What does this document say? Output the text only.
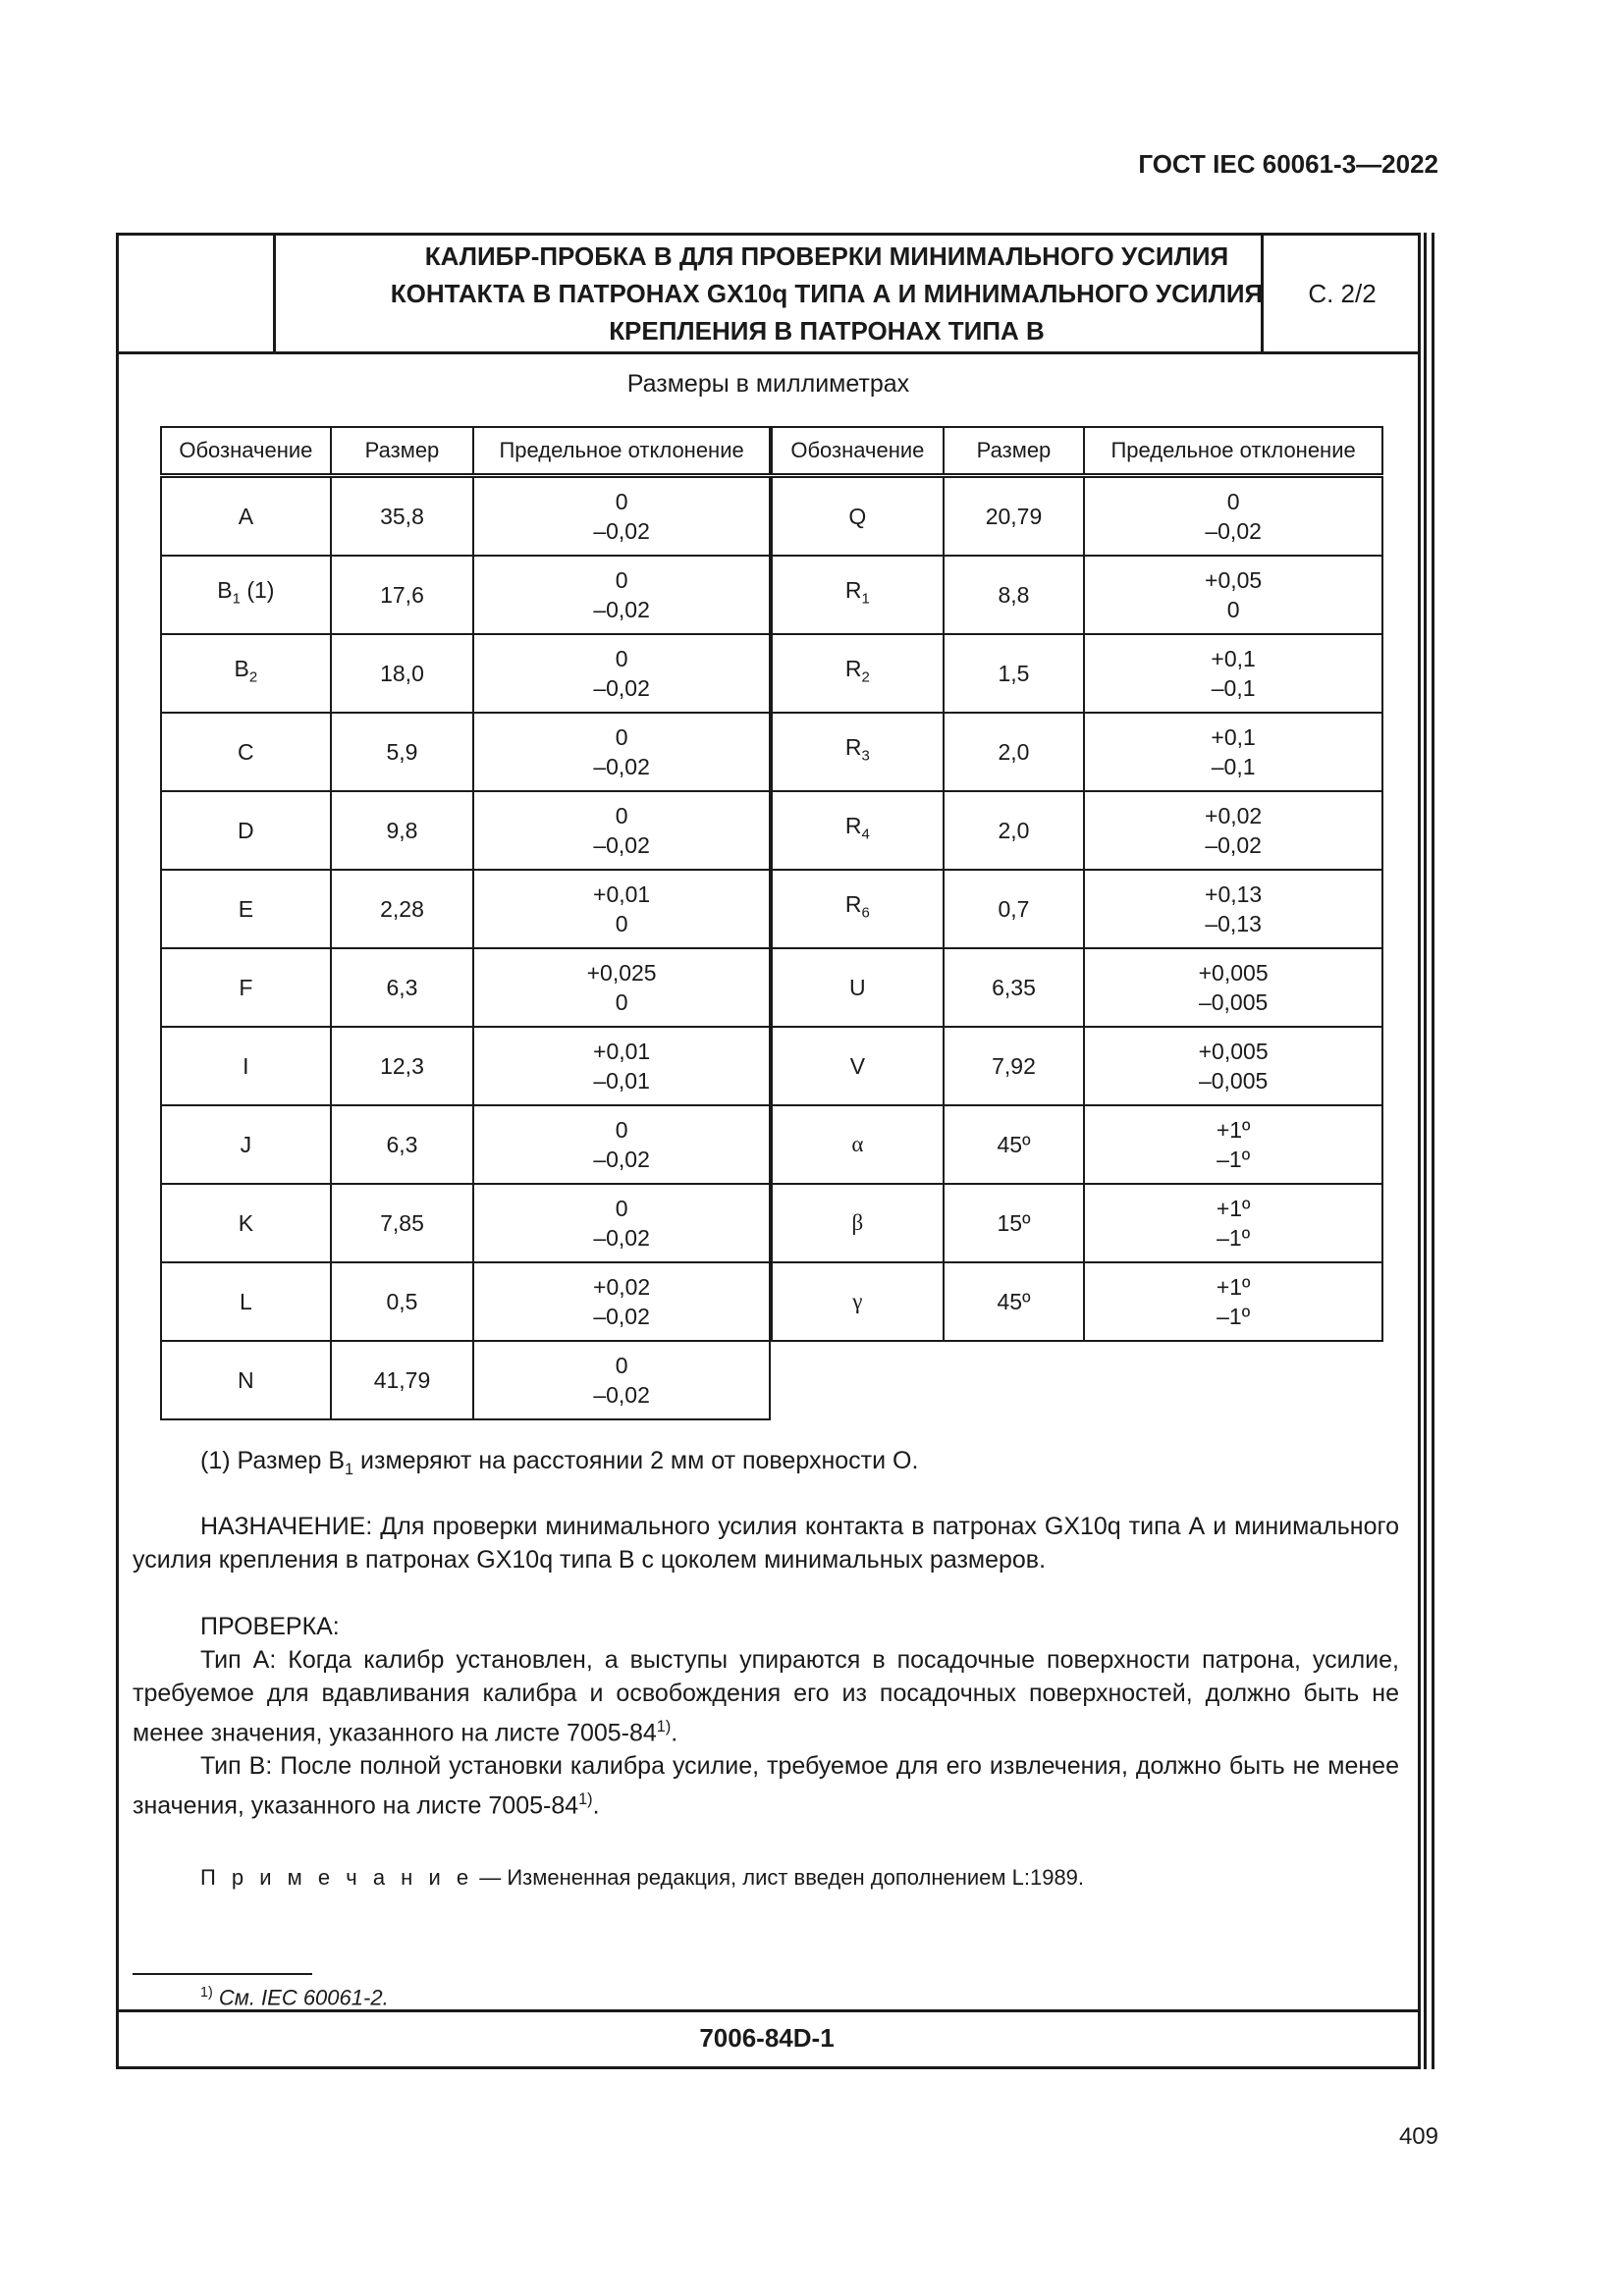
ГОСТ IEC 60061-3—2022
КАЛИБР-ПРОБКА B ДЛЯ ПРОВЕРКИ МИНИМАЛЬНОГО УСИЛИЯ
КОНТАКТА В ПАТРОНАХ GX10q ТИПА А И МИНИМАЛЬНОГО УСИЛИЯ
КРЕПЛЕНИЯ В ПАТРОНАХ ТИПА В
С. 2/2
Размеры в миллиметрах
Обозначение	Размер	Предельное отклонение
A	35,8	0
–0,02

$B_1$ (1)	17,6	0
–0,02

$B_2$	18,0	0
–0,02

C	5,9	0
–0,02

D	9,8	0
–0,02

E	2,28	+0,01
0

F	6,3	+0,025
0

I	12,3	+0,01
–0,01

J	6,3	0
–0,02

K	7,85	0
–0,02

L	0,5	+0,02
–0,02

N	41,79	0
–0,02
Обозначение	Размер	Предельное отклонение
Q	20,79	0
–0,02

$R_1$	8,8	+0,05
0

$R_2$	1,5	+0,1
–0,1

$R_3$	2,0	+0,1
–0,1

$R_4$	2,0	+0,02
–0,02

$R_6$	0,7	+0,13
–0,13

U	6,35	+0,005
–0,005

V	7,92	+0,005
–0,005

α	45º	+1º
–1º

β	15º	+1º
–1º

γ	45º	+1º
–1º
(1) Размер $B_1$ измеряют на расстоянии 2 мм от поверхности O.
НАЗНАЧЕНИЕ: Для проверки минимального усилия контакта в патронах GX10q типа А и минимального усилия крепления в патронах GX10q типа В с цоколем минимальных размеров.
ПРОВЕРКА:
Тип А: Когда калибр установлен, а выступы упираются в посадочные поверхности патрона, усилие, требуемое для вдавливания калибра и освобождения его из посадочных поверхностей, должно быть не менее значения, указанного на листе 7005-84$^{1)}$.
Тип В: После полной установки калибра усилие, требуемое для его извлечения, должно быть не менее значения, указанного на листе 7005-84$^{1)}$.
П р и м е ч а н и е — Измененная редакция, лист введен дополнением L:1989.
$^{1)}$ См. IEC 60061-2.
7006-84D-1
409
